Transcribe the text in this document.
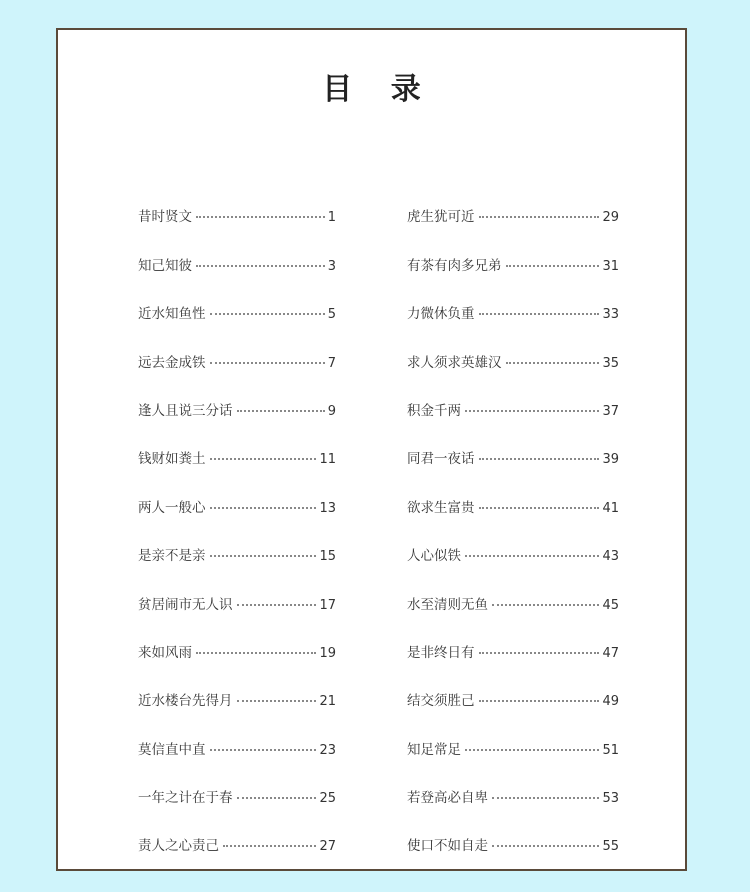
目 录
昔时贤文	1
知己知彼	3
近水知鱼性	5
远去金成铁	7
逢人且说三分话	9
钱财如粪土	11
两人一般心	13
是亲不是亲	15
贫居闹市无人识	17
来如风雨	19
近水楼台先得月	21
莫信直中直	23
一年之计在于春	25
责人之心责己	27
虎生犹可近	29
有茶有肉多兄弟	31
力微休负重	33
求人须求英雄汉	35
积金千两	37
同君一夜话	39
欲求生富贵	41
人心似铁	43
水至清则无鱼	45
是非终日有	47
结交须胜己	49
知足常足	51
若登高必自卑	53
使口不如自走	55
